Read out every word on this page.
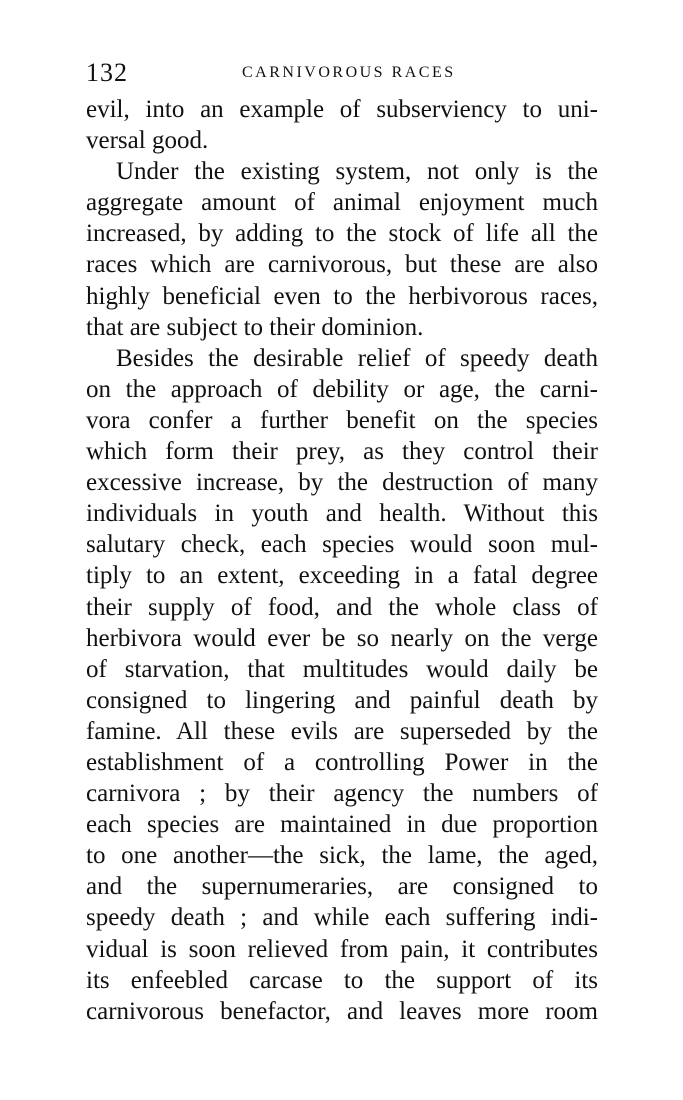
132	CARNIVOROUS RACES
evil, into an example of subserviency to uni-
versal good.
Under the existing system, not only is the
aggregate amount of animal enjoyment much
increased, by adding to the stock of life all the
races which are carnivorous, but these are also
highly beneficial even to the herbivorous races,
that are subject to their dominion.
Besides the desirable relief of speedy death
on the approach of debility or age, the carni-
vora confer a further benefit on the species
which form their prey, as they control their
excessive increase, by the destruction of many
individuals in youth and health. Without this
salutary check, each species would soon mul-
tiply to an extent, exceeding in a fatal degree
their supply of food, and the whole class of
herbivora would ever be so nearly on the verge
of starvation, that multitudes would daily be
consigned to lingering and painful death by
famine. All these evils are superseded by the
establishment of a controlling Power in the
carnivora ; by their agency the numbers of
each species are maintained in due proportion
to one another—the sick, the lame, the aged,
and the supernumeraries, are consigned to
speedy death ; and while each suffering indi-
vidual is soon relieved from pain, it contributes
its enfeebled carcase to the support of its
carnivorous benefactor, and leaves more room
